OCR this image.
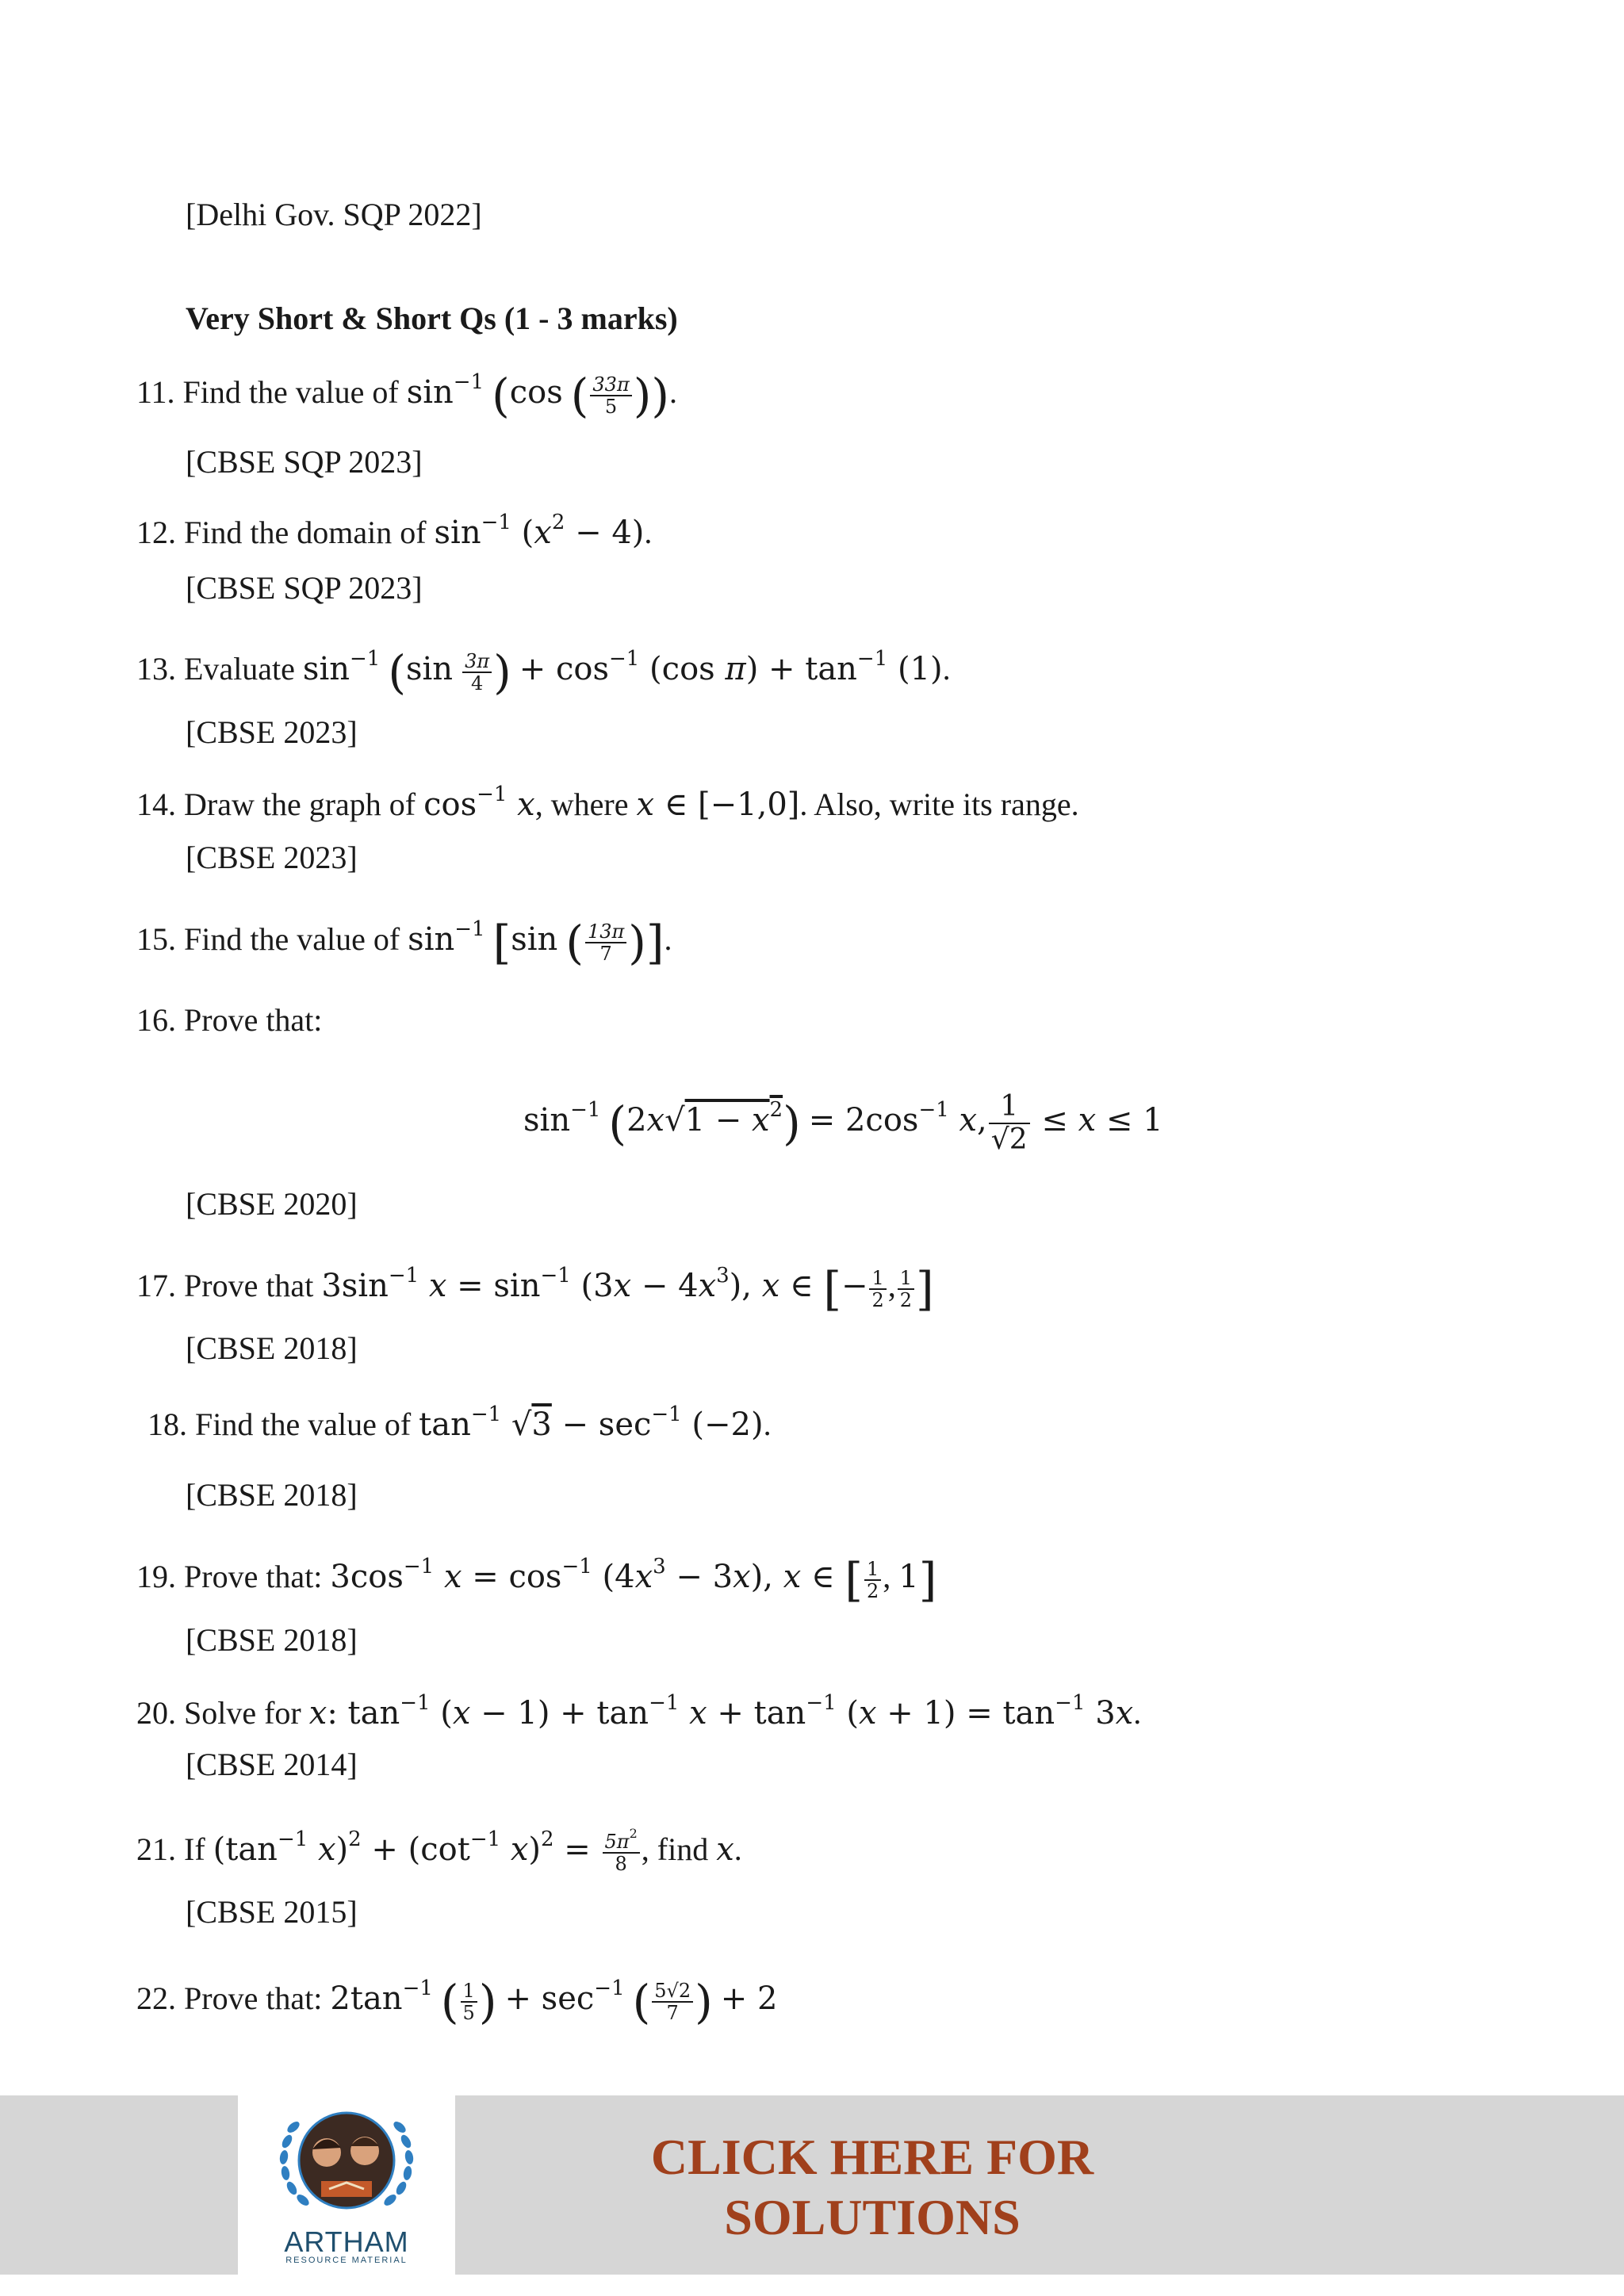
[Delhi Gov. SQP 2022]
Very Short & Short Qs (1 - 3 marks)
11. Find the value of $\sin^{-1} (\cos$ ( $\frac{33\pi}{5}$ )).
[CBSE SQP 2023]
12. Find the domain of $\sin^{-1} (x^2 - 4)$.
[CBSE SQP 2023]
13. Evaluate $\sin^{-1} (\sin \frac{3\pi}{4}$ ) + $\cos^{-1} (\cos$ $\pi) + \tan^{-1} (1)$.
[CBSE 2023]
14. Draw the graph of $\cos^{-1} x$, where x ∈ [−1,0]. Also, write its range.
[CBSE 2023]
15. Find the value of $\sin^{-1} [\sin$ ( $\frac{13\pi}{7}$ )].
16. Prove that:
$\sin^{-1} (2x√1 - x^2) = 2\cos^{-1}$ x, $\frac{1}{√2} \le x \le 1$
[CBSE 2020]
17. Prove that $3\sin^{-1}$ $x = \sin^{-1} (3x - 4x^3)$, x ∈ [− $\frac{1}{2}$ , $\frac{1}{2}$ ]
[CBSE 2018]
18. Find the value of $\tan^{-1} √3 - \sec^{-1} (-2)$.
[CBSE 2018]
19. Prove that: $3\cos^{-1}$ $x = \cos^{-1} (4x^3 - 3x)$, x ∈ [ $\frac{1}{2}$ , 1]
[CBSE 2018]
20. Solve for x: $\tan^{-1} (x - 1) + \tan^{-1} x + \tan^{-1} (x + 1) = \tan^{-1} 3x$.
[CBSE 2014]
21. If ($\tan^{-1}$ $x)^2 + (\cot^{-1}$ $x)^2 = \frac{5\pi^2}{8}$ , find x.
[CBSE 2015]
22. Prove that: $2\tan^{-1}$ ( $\frac{1}{5}$ ) + $\sec^{-1}$ ( $\frac{5√2}{7}$ ) + 2
ARTHAM
RESOURCE MATERIAL
CLICK HERE FOR
SOLUTIONS
